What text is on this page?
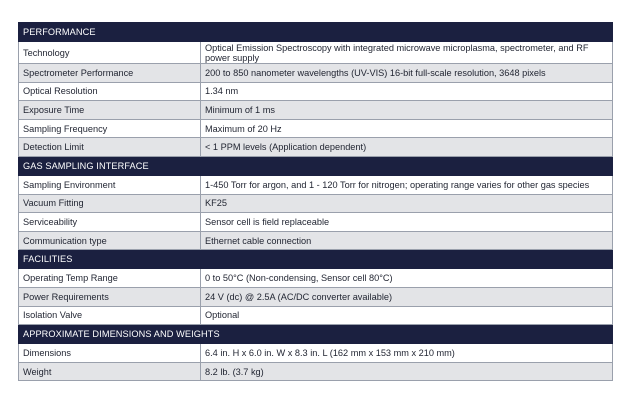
PERFORMANCE	
Technology	Optical Emission Spectroscopy with integrated microwave microplasma, spectrometer, and RF power supply
Spectrometer Performance	200 to 850 nanometer wavelengths (UV-VIS) 16-bit full-scale resolution, 3648 pixels
Optical Resolution	1.34 nm
Exposure Time	Minimum of 1 ms
Sampling Frequency	Maximum of 20 Hz
Detection Limit	< 1 PPM levels (Application dependent)
GAS SAMPLING INTERFACE	
Sampling Environment	1-450 Torr for argon, and 1 - 120 Torr for nitrogen; operating range varies for other gas species
Vacuum Fitting	KF25
Serviceability	Sensor cell is field replaceable
Communication type	Ethernet cable connection
FACILITIES	
Operating Temp Range	0 to 50°C (Non-condensing, Sensor cell 80°C)
Power Requirements	24 V (dc) @ 2.5A (AC/DC converter available)
Isolation Valve	Optional
APPROXIMATE DIMENSIONS AND WEIGHTS	
Dimensions	6.4 in. H x 6.0 in. W x 8.3 in. L (162 mm x 153 mm x 210 mm)
Weight	8.2 lb. (3.7 kg)
